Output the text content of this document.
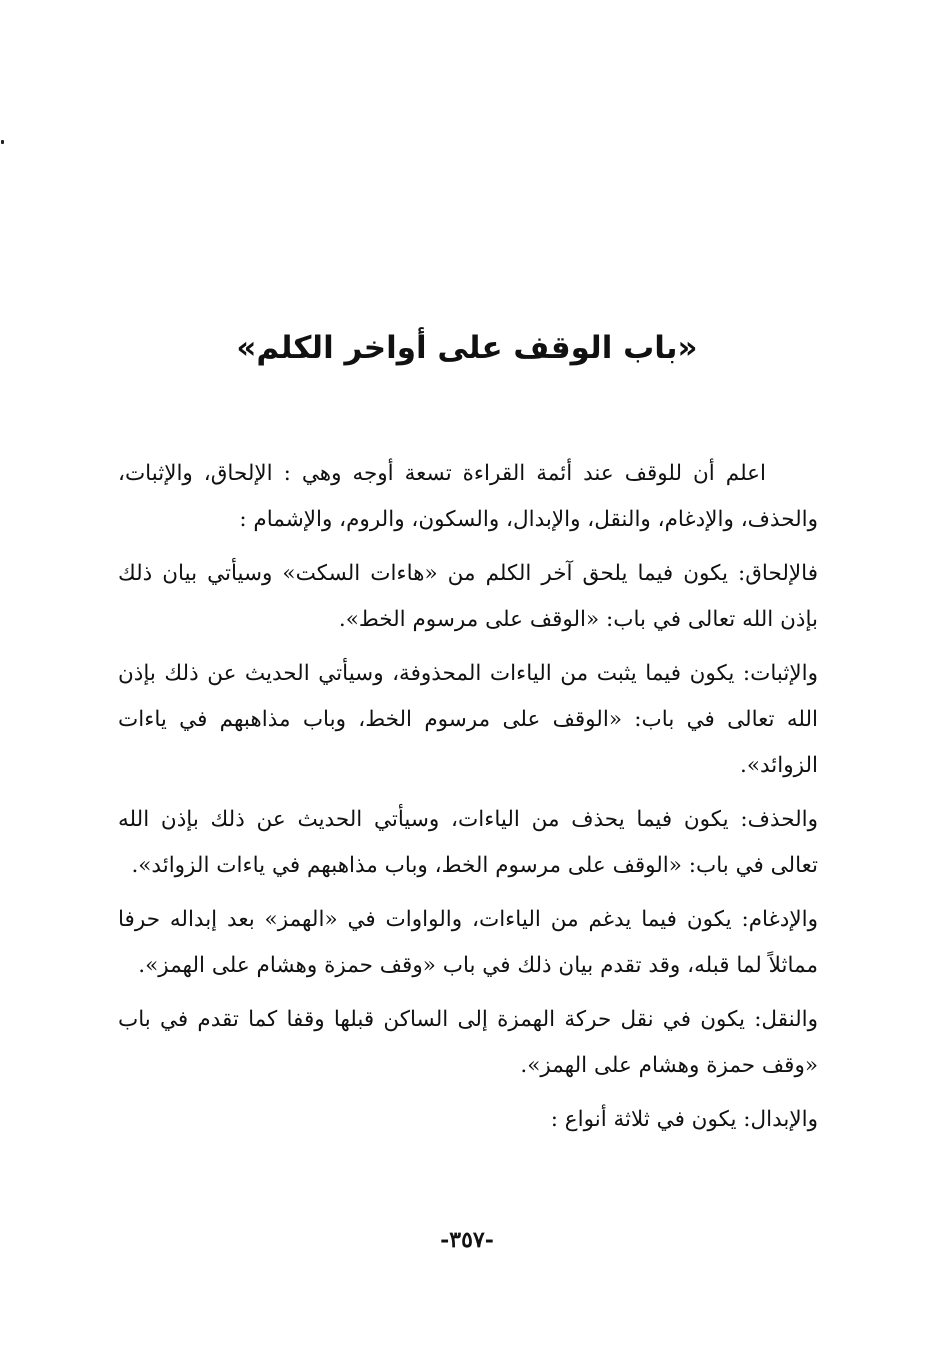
«باب الوقف على أواخر الكلم»

اعلم أن للوقف عند أئمة القراءة تسعة أوجه وهي : الإلحاق، والإثبات، والحذف، والإدغام، والنقل، والإبدال، والسكون، والروم، والإشمام :

فالإلحاق: يكون فيما يلحق آخر الكلم من «هاءات السكت» وسيأتي بيان ذلك بإذن الله تعالى في باب: «الوقف على مرسوم الخط».

والإثبات: يكون فيما يثبت من الياءات المحذوفة، وسيأتي الحديث عن ذلك بإذن الله تعالى في باب: «الوقف على مرسوم الخط، وباب مذاهبهم في ياءات الزوائد».

والحذف: يكون فيما يحذف من الياءات، وسيأتي الحديث عن ذلك بإذن الله تعالى في باب: «الوقف على مرسوم الخط، وباب مذاهبهم في ياءات الزوائد».

والإدغام: يكون فيما يدغم من الياءات، والواوات في «الهمز» بعد إبداله حرفا مماثلاً لما قبله، وقد تقدم بيان ذلك في باب «وقف حمزة وهشام على الهمز».

والنقل: يكون في نقل حركة الهمزة إلى الساكن قبلها وقفا كما تقدم في باب «وقف حمزة وهشام على الهمز».

والإبدال: يكون في ثلاثة أنواع :

-٣٥٧-
